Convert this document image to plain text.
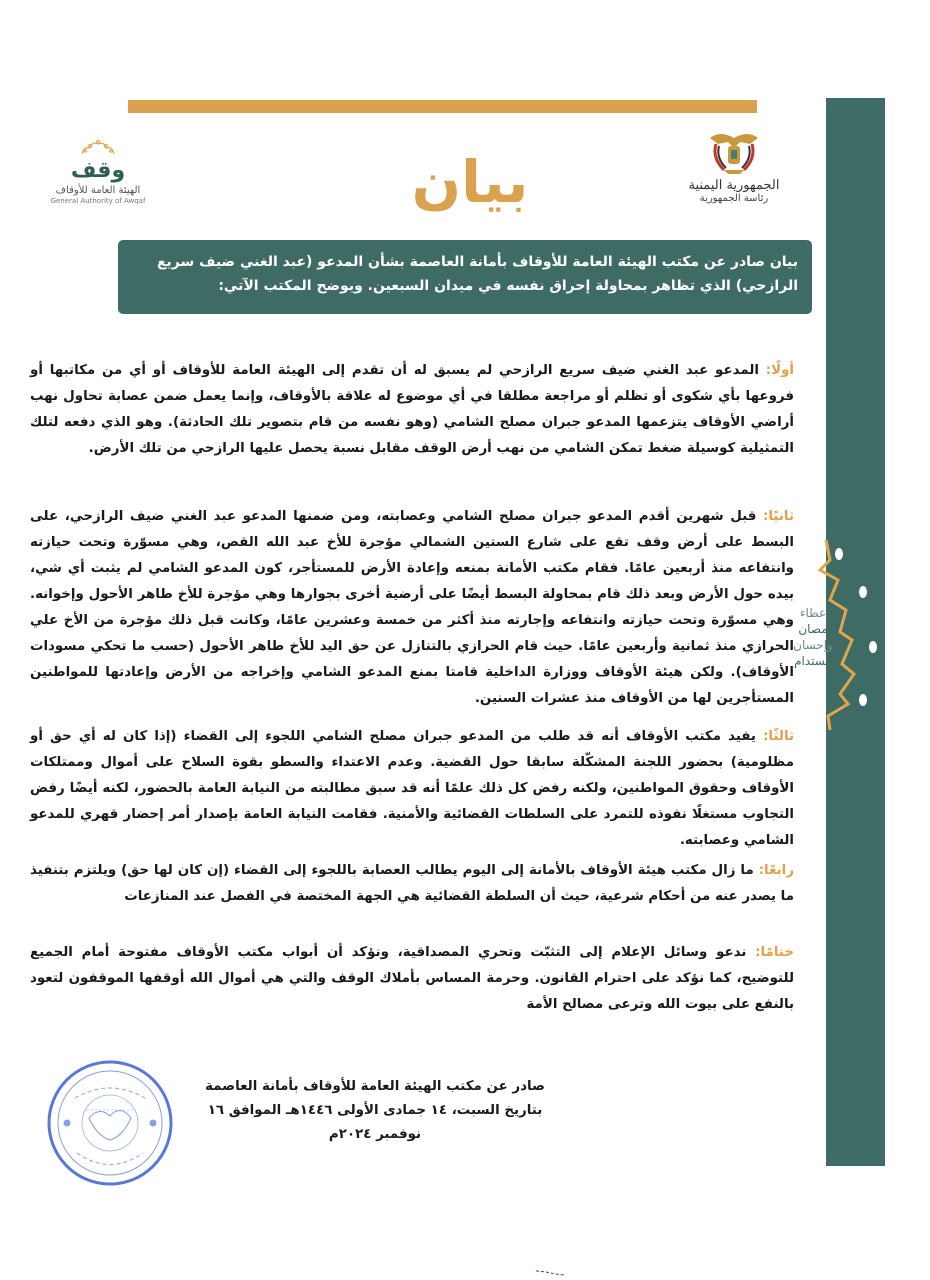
عطاء
مصان
وإحسان
مستدام
الجمهورية اليمنية
رئاسة الجمهورية
بيان
وقف
الهيئة العامة للأوقاف
General Authority of Awqaf
بيان صادر عن مكتب الهيئة العامة للأوقاف بأمانة العاصمة بشأن المدعو (عبد الغني ضيف سريع الرازحي) الذي تظاهر بمحاولة إحراق نفسه في ميدان السبعين. ويوضح المكتب الآتي:

أولًا: المدعو عبد الغني ضيف سريع الرازحي لم يسبق له أن تقدم إلى الهيئة العامة للأوقاف أو أي من مكاتبها أو فروعها بأي شكوى أو تظلم أو مراجعة مطلقا في أي موضوع له علاقة بالأوقاف، وإنما يعمل ضمن عصابة تحاول نهب أراضي الأوقاف يتزعمها المدعو جبران مصلح الشامي (وهو نفسه من قام بتصوير تلك الحادثة). وهو الذي دفعه لتلك التمثيلية كوسيلة ضغط تمكن الشامي من نهب أرض الوقف مقابل نسبة يحصل عليها الرازحي من تلك الأرض.

ثانيًا: قبل شهرين أقدم المدعو جبران مصلح الشامي وعصابته، ومن ضمنها المدعو عبد الغني ضيف الرازحي، على البسط على أرض وقف تقع على شارع الستين الشمالي مؤجرة للأخ عبد الله القص، وهي مسوّرة وتحت حيازته وانتفاعه منذ أربعين عامًا. فقام مكتب الأمانة بمنعه وإعادة الأرض للمستأجر، كون المدعو الشامي لم يثبت أي شي، بيده حول الأرض وبعد ذلك قام بمحاولة البسط أيضًا على أرضية أخرى بجوارها وهي مؤجرة للأخ طاهر الأحول وإخوانه. وهي مسوّرة وتحت حيازته وانتفاعه وإجارته منذ أكثر من خمسة وعشرين عامًا، وكانت قبل ذلك مؤجرة من الأخ علي الحرازي منذ ثمانية وأربعين عامًا. حيث قام الحرازي بالتنازل عن حق اليد للأخ طاهر الأحول (حسب ما تحكي مسودات الأوقاف). ولكن هيئة الأوقاف ووزارة الداخلية قامتا بمنع المدعو الشامي وإخراجه من الأرض وإعادتها للمواطنين المستأجرين لها من الأوقاف منذ عشرات السنين.

ثالثًا: يفيد مكتب الأوقاف أنه قد طلب من المدعو جبران مصلح الشامي اللجوء إلى القضاء (إذا كان له أي حق أو مظلومية) بحضور اللجنة المشكّلة سابقا حول القضية. وعدم الاعتداء والسطو بقوة السلاح على أموال وممتلكات الأوقاف وحقوق المواطنين، ولكنه رفض كل ذلك علمًا أنه قد سبق مطالبته من النيابة العامة بالحضور، لكنه أيضًا رفض التجاوب مستغلًا نفوذه للتمرد على السلطات القضائية والأمنية. فقامت النيابة العامة بإصدار أمر إحضار قهري للمدعو الشامي وعصابته.

رابعًا: ما زال مكتب هيئة الأوقاف بالأمانة إلى اليوم يطالب العصابة باللجوء إلى القضاء (إن كان لها حق) ويلتزم بتنفيذ ما يصدر عنه من أحكام شرعية، حيث أن السلطة القضائية هي الجهة المختصة في الفصل عند المنازعات

ختامًا: ندعو وسائل الإعلام إلى التثبّت وتحري المصداقية، ونؤكد أن أبواب مكتب الأوقاف مفتوحة أمام الجميع للتوضيح، كما نؤكد على احترام القانون. وحرمة المساس بأملاك الوقف والتي هي أموال الله أوقفها الموقفون لتعود بالنفع على بيوت الله وترعى مصالح الأمة

صادر عن مكتب الهيئة العامة للأوقاف بأمانة العاصمة
بتاريخ السبت، ١٤ جمادى الأولى ١٤٤٦هـ الموافق ١٦ نوفمبر ٢٠٢٤م
